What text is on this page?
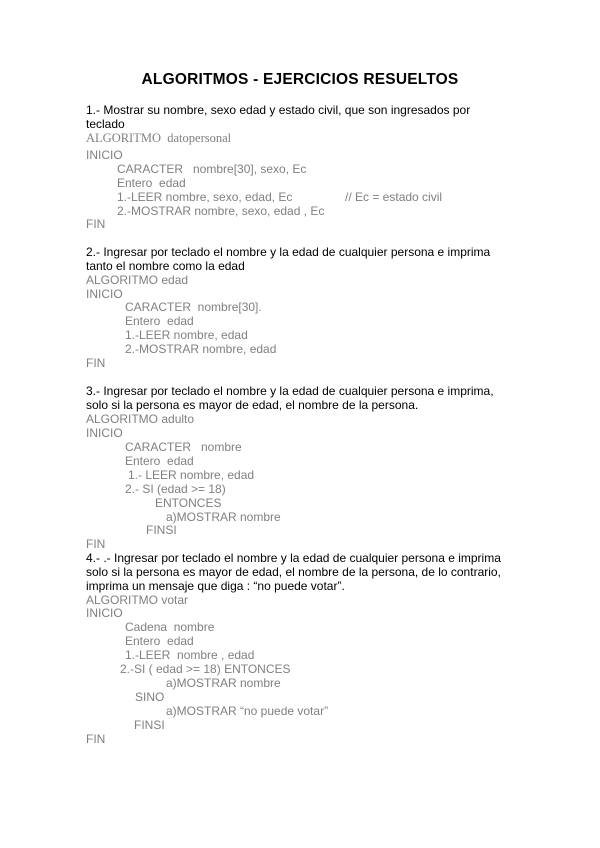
ALGORITMOS - EJERCICIOS RESUELTOS
1.- Mostrar su nombre, sexo edad y estado civil, que son ingresados por
teclado
ALGORITMO  datopersonal
INICIO
CARACTER   nombre[30], sexo, Ec
Entero  edad
1.-LEER nombre, sexo, edad, Ec	// Ec = estado civil
2.-MOSTRAR nombre, sexo, edad , Ec
FIN
2.- Ingresar por teclado el nombre y la edad de cualquier persona e imprima
tanto el nombre como la edad
ALGORITMO edad
INICIO
CARACTER  nombre[30].
Entero  edad
1.-LEER nombre, edad
2.-MOSTRAR nombre, edad
FIN
3.- Ingresar por teclado el nombre y la edad de cualquier persona e imprima,
solo si la persona es mayor de edad, el nombre de la persona.
ALGORITMO adulto
INICIO
CARACTER   nombre
Entero  edad
1.- LEER nombre, edad
2.- SI (edad >= 18)
ENTONCES
a)MOSTRAR nombre
FINSI
FIN
4.- .- Ingresar por teclado el nombre y la edad de cualquier persona e imprima
solo si la persona es mayor de edad, el nombre de la persona, de lo contrario,
imprima un mensaje que diga : “no puede votar”.
ALGORITMO votar
INICIO
Cadena  nombre
Entero  edad
1.-LEER  nombre , edad
2.-SI ( edad >= 18) ENTONCES
a)MOSTRAR nombre
SINO
a)MOSTRAR “no puede votar”
FINSI
FIN
